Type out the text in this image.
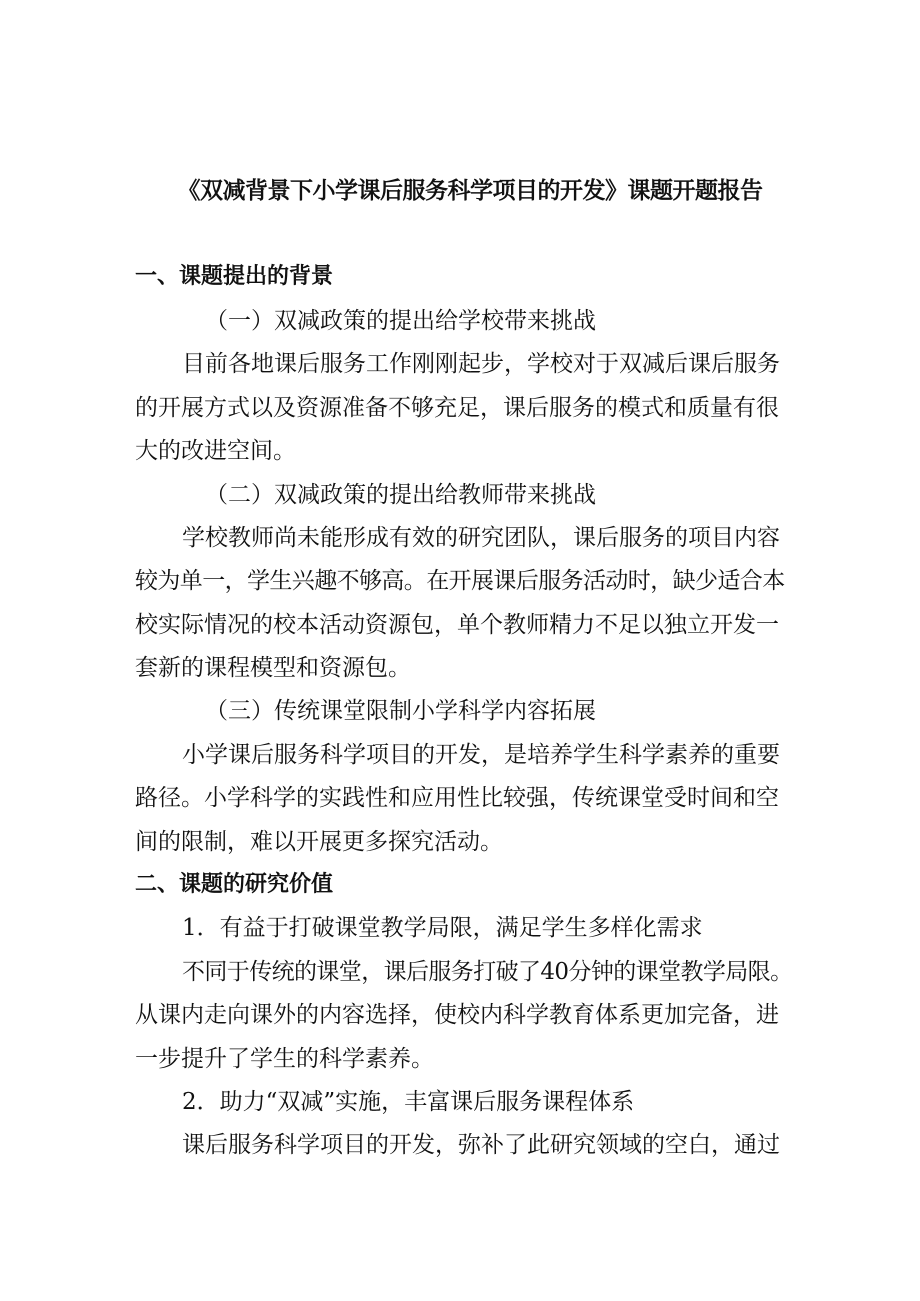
《双减背景下小学课后服务科学项目的开发》课题开题报告
一、课题提出的背景
（一）双减政策的提出给学校带来挑战
目前各地课后服务工作刚刚起步，学校对于双减后课后服务
的开展方式以及资源准备不够充足，课后服务的模式和质量有很
大的改进空间。
（二）双减政策的提出给教师带来挑战
学校教师尚未能形成有效的研究团队，课后服务的项目内容
较为单一，学生兴趣不够高。在开展课后服务活动时，缺少适合本
校实际情况的校本活动资源包，单个教师精力不足以独立开发一
套新的课程模型和资源包。
（三）传统课堂限制小学科学内容拓展
小学课后服务科学项目的开发，是培养学生科学素养的重要
路径。小学科学的实践性和应用性比较强，传统课堂受时间和空
间的限制，难以开展更多探究活动。
二、课题的研究价值
1．有益于打破课堂教学局限，满足学生多样化需求
不同于传统的课堂，课后服务打破了40分钟的课堂教学局限。
从课内走向课外的内容选择，使校内科学教育体系更加完备，进
一步提升了学生的科学素养。
2．助力“双减”实施，丰富课后服务课程体系
课后服务科学项目的开发，弥补了此研究领域的空白，通过
